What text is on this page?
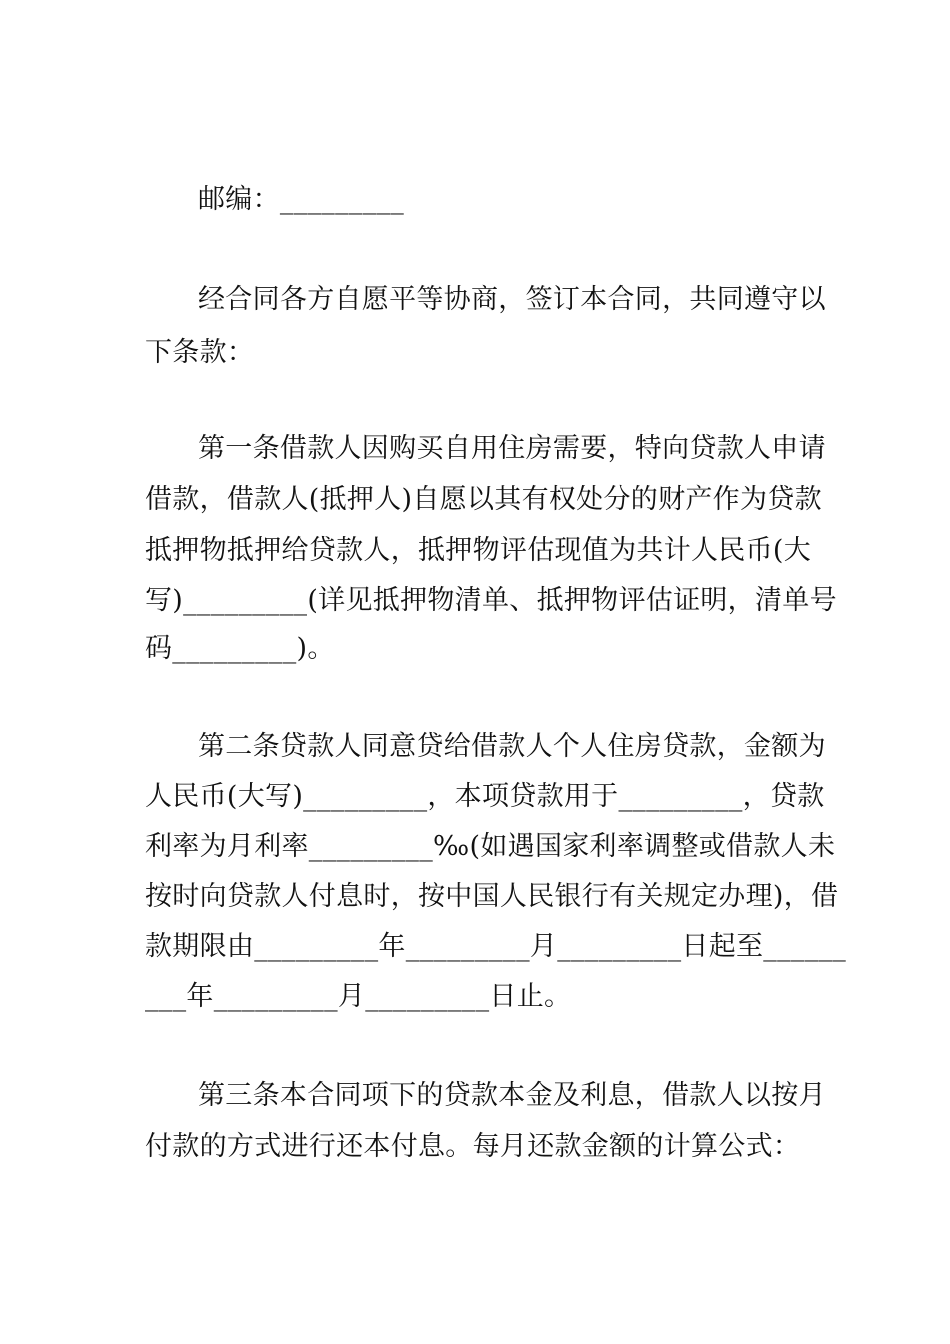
邮编：_________
经合同各方自愿平等协商，签订本合同，共同遵守以
下条款：
第一条借款人因购买自用住房需要，特向贷款人申请
借款，借款人(抵押人)自愿以其有权处分的财产作为贷款
抵押物抵押给贷款人，抵押物评估现值为共计人民币(大
写)_________(详见抵押物清单、抵押物评估证明，清单号
码_________)。
第二条贷款人同意贷给借款人个人住房贷款，金额为
人民币(大写)_________，本项贷款用于_________，贷款
利率为月利率_________‰(如遇国家利率调整或借款人未
按时向贷款人付息时，按中国人民银行有关规定办理)，借
款期限由_________年_________月_________日起至______
___年_________月_________日止。
第三条本合同项下的贷款本金及利息，借款人以按月
付款的方式进行还本付息。每月还款金额的计算公式：
